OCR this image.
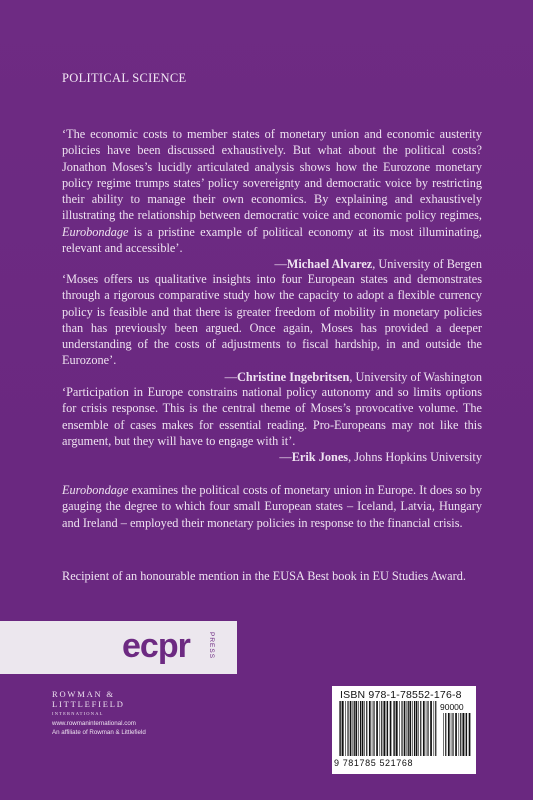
POLITICAL SCIENCE
‘The economic costs to member states of monetary union and economic austerity policies have been discussed exhaustively. But what about the political costs? Jonathon Moses’s lucidly articulated analysis shows how the Eurozone monetary policy regime trumps states’ policy sovereignty and democratic voice by restricting their ability to manage their own economics. By explaining and exhaustively illustrating the relationship between democratic voice and economic policy regimes, Eurobondage is a pristine example of political economy at its most illuminating, relevant and accessible’.
—Michael Alvarez, University of Bergen
‘Moses offers us qualitative insights into four European states and demonstrates through a rigorous comparative study how the capacity to adopt a flexible currency policy is feasible and that there is greater freedom of mobility in monetary policies than has previously been argued. Once again, Moses has provided a deeper understanding of the costs of adjustments to fiscal hardship, in and outside the Eurozone’.
—Christine Ingebritsen, University of Washington
‘Participation in Europe constrains national policy autonomy and so limits options for crisis response. This is the central theme of Moses’s provocative volume. The ensemble of cases makes for essential reading. Pro-Europeans may not like this argument, but they will have to engage with it’.
—Erik Jones, Johns Hopkins University
Eurobondage examines the political costs of monetary union in Europe. It does so by gauging the degree to which four small European states – Iceland, Latvia, Hungary and Ireland – employed their monetary policies in response to the financial crisis.
Recipient of an honourable mention in the EUSA Best book in EU Studies Award.
ecpr	PRESS
ROWMAN &
LITTLEFIELD
INTERNATIONAL
www.rowmaninternational.com
An affiliate of Rowman & Littlefield
ISBN 978-1-78552-176-8
90000
9 781785 521768
